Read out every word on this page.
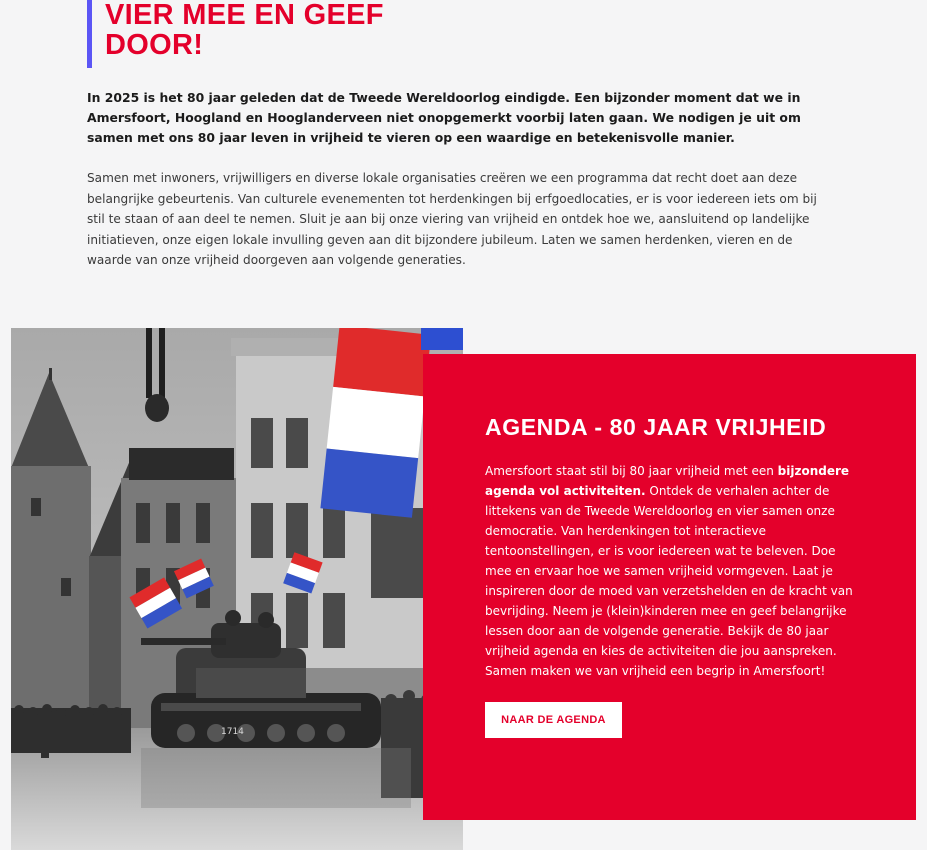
VIER MEE EN GEEF DOOR!

In 2025 is het 80 jaar geleden dat de Tweede Wereldoorlog eindigde. Een bijzonder moment dat we in Amersfoort, Hoogland en Hooglanderveen niet onopgemerkt voorbij laten gaan. We nodigen je uit om samen met ons 80 jaar leven in vrijheid te vieren op een waardige en betekenisvolle manier.

Samen met inwoners, vrijwilligers en diverse lokale organisaties creëren we een programma dat recht doet aan deze belangrijke gebeurtenis. Van culturele evenementen tot herdenkingen bij erfgoedlocaties, er is voor iedereen iets om bij stil te staan of aan deel te nemen. Sluit je aan bij onze viering van vrijheid en ontdek hoe we, aansluitend op landelijke initiatieven, onze eigen lokale invulling geven aan dit bijzondere jubileum. Laten we samen herdenken, vieren en de waarde van onze vrijheid doorgeven aan volgende generaties.

1714
AGENDA - 80 JAAR VRIJHEID

Amersfoort staat stil bij 80 jaar vrijheid met een bijzondere agenda vol activiteiten. Ontdek de verhalen achter de littekens van de Tweede Wereldoorlog en vier samen onze democratie. Van herdenkingen tot interactieve tentoonstellingen, er is voor iedereen wat te beleven. Doe mee en ervaar hoe we samen vrijheid vormgeven. Laat je inspireren door de moed van verzetshelden en de kracht van bevrijding. Neem je (klein)kinderen mee en geef belangrijke lessen door aan de volgende generatie. Bekijk de 80 jaar vrijheid agenda en kies de activiteiten die jou aanspreken. Samen maken we van vrijheid een begrip in Amersfoort!

NAAR DE AGENDA
